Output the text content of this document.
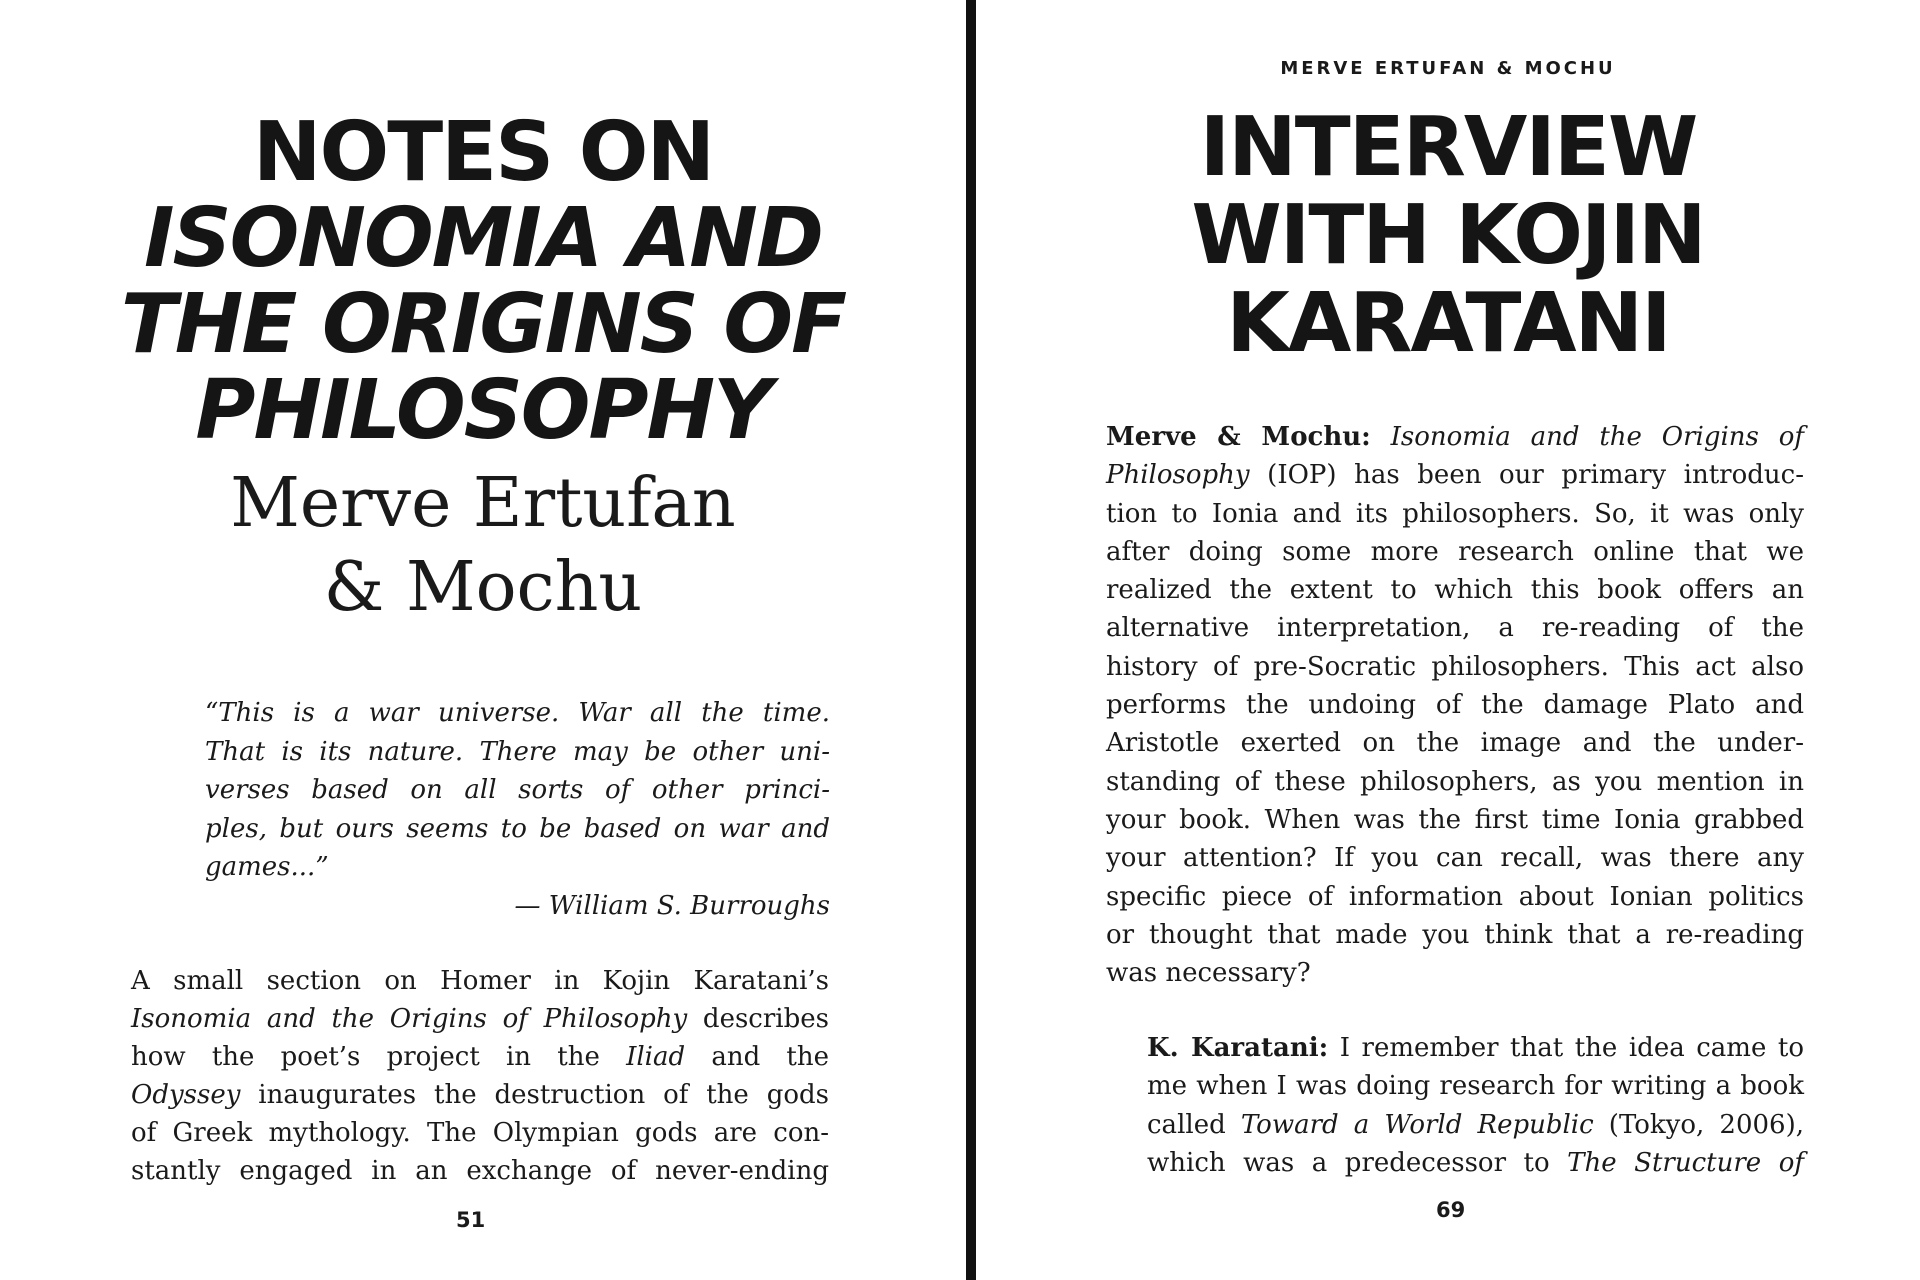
NOTES ON
ISONOMIA AND
THE ORIGINS OF
PHILOSOPHY
Merve Ertufan
& Mochu
“This is a war universe. War all the time.
That is its nature. There may be other uni-
verses based on all sorts of other princi-
ples, but ours seems to be based on war and
games...”
— William S. Burroughs
A small section on Homer in Kojin Karatani’s
Isonomia and the Origins of Philosophy describes
how the poet’s project in the Iliad and the
Odyssey inaugurates the destruction of the gods
of Greek mythology. The Olympian gods are con-
stantly engaged in an exchange of never-ending
51
MERVE ERTUFAN & MOCHU
INTERVIEW
WITH KOJIN
KARATANI
Merve & Mochu: Isonomia and the Origins of
Philosophy (IOP) has been our primary introduc-
tion to Ionia and its philosophers. So, it was only
after doing some more research online that we
realized the extent to which this book offers an
alternative interpretation, a re-reading of the
history of pre-Socratic philosophers. This act also
performs the undoing of the damage Plato and
Aristotle exerted on the image and the under-
standing of these philosophers, as you mention in
your book. When was the first time Ionia grabbed
your attention? If you can recall, was there any
specific piece of information about Ionian politics
or thought that made you think that a re-reading
was necessary?
K. Karatani: I remember that the idea came to
me when I was doing research for writing a book
called Toward a World Republic (Tokyo, 2006),
which was a predecessor to The Structure of
69
